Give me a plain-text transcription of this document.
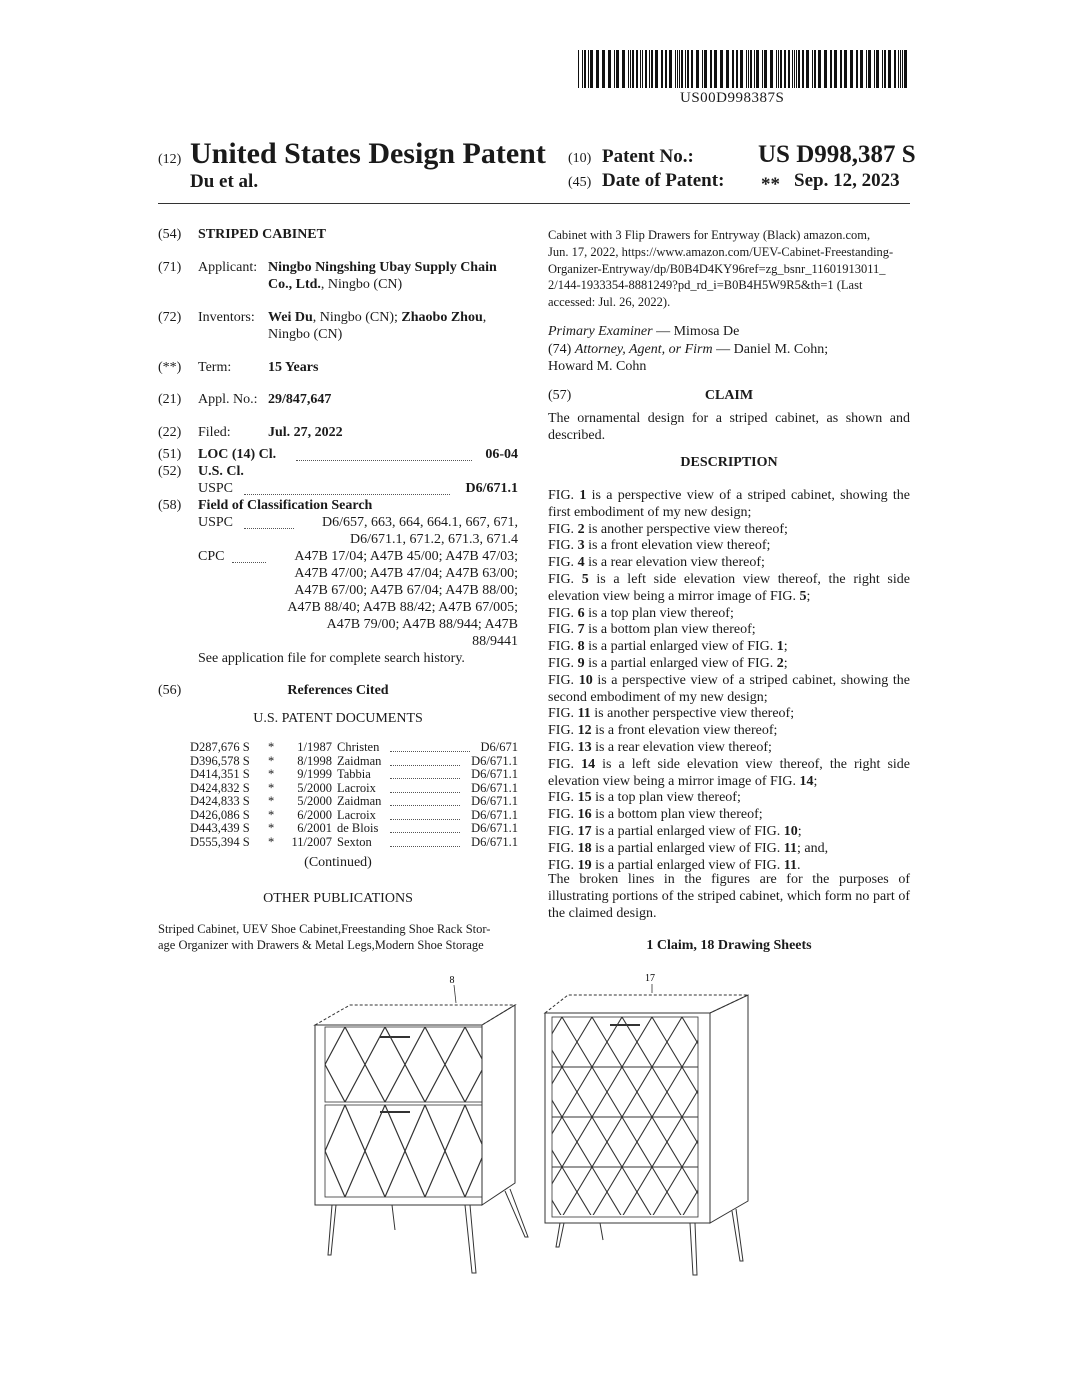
US00D998387S
(12) United States Design Patent (10) Patent No.:	US D998,387 S
Du et al.	(45) Date of Patent: ** Sep. 12, 2023
(54) STRIPED CABINET
(71) Applicant: Ningbo Ningshing Ubay Supply Chain
Co., Ltd., Ningbo (CN)
(72) Inventors: Wei Du, Ningbo (CN); Zhaobo Zhou,
Ningbo (CN)
(**) Term:	15 Years
(21) Appl. No.: 29/847,647
(22) Filed:	Jul. 27, 2022
(51) LOC (14) Cl.	06-04
(52) U.S. Cl.
USPC	D6/671.1
(58) Field of Classification Search
USPC	D6/657, 663, 664, 664.1, 667, 671,
D6/671.1, 671.2, 671.3, 671.4
CPC	A47B 17/04; A47B 45/00; A47B 47/03;
A47B 47/00; A47B 47/04; A47B 63/00;
A47B 67/00; A47B 67/04; A47B 88/00;
A47B 88/40; A47B 88/42; A47B 67/005;
A47B 79/00; A47B 88/944; A47B
88/9441
See application file for complete search history.
(56)	References Cited
U.S. PATENT DOCUMENTS
D287,676 S * 1/1987 Christen	D6/671
D396,578 S * 8/1998 Zaidman	D6/671.1
D414,351 S * 9/1999 Tabbia	D6/671.1
D424,832 S * 5/2000 Lacroix	D6/671.1
D424,833 S * 5/2000 Zaidman	D6/671.1
D426,086 S * 6/2000 Lacroix	D6/671.1
D443,439 S * 6/2001 de Blois	D6/671.1
D555,394 S * 11/2007 Sexton	D6/671.1
(Continued)
OTHER PUBLICATIONS
Striped Cabinet, UEV Shoe Cabinet,Freestanding Shoe Rack Stor-
age Organizer with Drawers & Metal Legs,Modern Shoe Storage
Cabinet with 3 Flip Drawers for Entryway (Black) amazon.com,
Jun. 17, 2022, https://www.amazon.com/UEV-Cabinet-Freestanding-
Organizer-Entryway/dp/B0B4D4KY96ref=zg_bsnr_11601913011_
2/144-1933354-8881249?pd_rd_i=B0B4H5W9R5&th=1 (Last
accessed: Jul. 26, 2022).
Primary Examiner — Mimosa De
(74) Attorney, Agent, or Firm — Daniel M. Cohn;
Howard M. Cohn
(57)	CLAIM
The ornamental design for a striped cabinet, as shown and described.
DESCRIPTION
FIG. 1 is a perspective view of a striped cabinet, showing the first embodiment of my new design;
FIG. 2 is another perspective view thereof;
FIG. 3 is a front elevation view thereof;
FIG. 4 is a rear elevation view thereof;
FIG. 5 is a left side elevation view thereof, the right side elevation view being a mirror image of FIG. 5;
FIG. 6 is a top plan view thereof;
FIG. 7 is a bottom plan view thereof;
FIG. 8 is a partial enlarged view of FIG. 1;
FIG. 9 is a partial enlarged view of FIG. 2;
FIG. 10 is a perspective view of a striped cabinet, showing the second embodiment of my new design;
FIG. 11 is another perspective view thereof;
FIG. 12 is a front elevation view thereof;
FIG. 13 is a rear elevation view thereof;
FIG. 14 is a left side elevation view thereof, the right side elevation view being a mirror image of FIG. 14;
FIG. 15 is a top plan view thereof;
FIG. 16 is a bottom plan view thereof;
FIG. 17 is a partial enlarged view of FIG. 10;
FIG. 18 is a partial enlarged view of FIG. 11; and,
FIG. 19 is a partial enlarged view of FIG. 11.
The broken lines in the figures are for the purposes of illustrating portions of the striped cabinet, which form no part of the claimed design.
1 Claim, 18 Drawing Sheets
8	17
